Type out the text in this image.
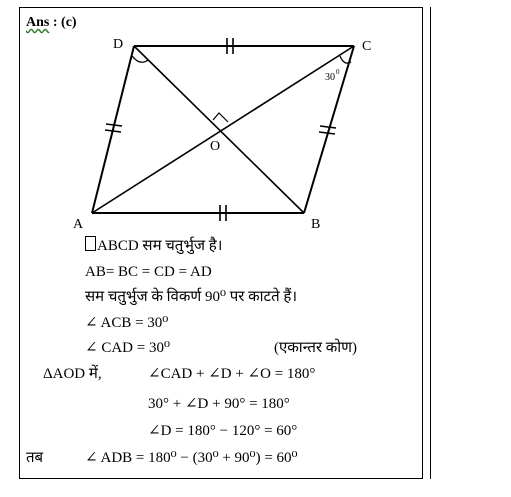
Ans : (c)
A	B
C
D
O
30 0
ABCD सम चतुर्भुज है।
AB= BC = CD = AD
सम चतुर्भुज के विकर्ण 90⁰ पर काटते हैं।
∠ ACB = 30⁰
∠ CAD = 30⁰	(एकान्तर कोण)
ΔAOD में,	∠CAD + ∠D + ∠O = 180°
30° + ∠D + 90° = 180°
∠D = 180° − 120° = 60°
तब	∠ ADB = 180⁰ − (30⁰ + 90⁰) = 60⁰
